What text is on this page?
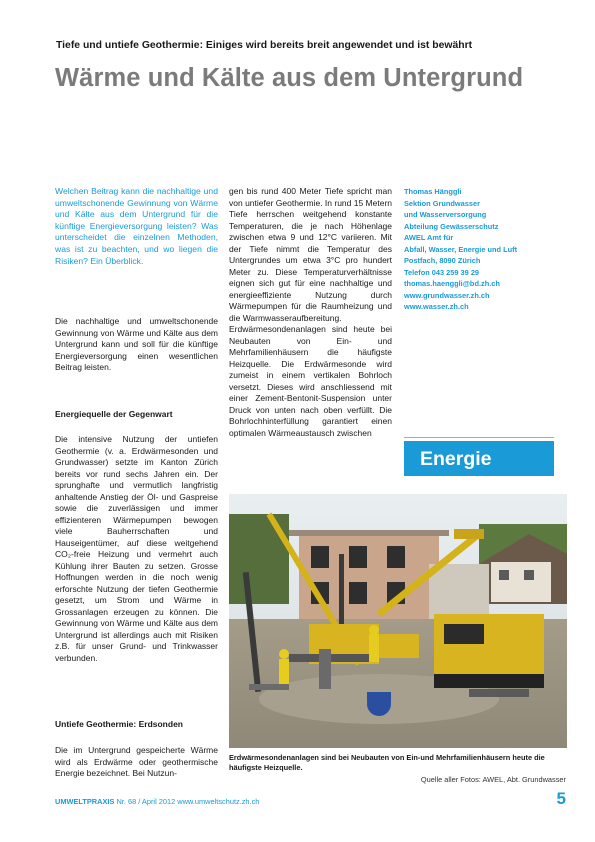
Tiefe und untiefe Geothermie: Einiges wird bereits breit angewendet und ist bewährt
Wärme und Kälte aus dem Untergrund
Welchen Beitrag kann die nachhaltige und umweltschonende Gewinnung von Wärme und Kälte aus dem Untergrund für die künftige Energieversorgung leisten? Was unterscheidet die einzelnen Methoden, was ist zu beachten, und wo liegen die Risiken? Ein Überblick.
Die nachhaltige und umweltschonende Gewinnung von Wärme und Kälte aus dem Untergrund kann und soll für die künftige Energieversorgung einen wesentlichen Beitrag leisten.
Energiequelle der Gegenwart
Die intensive Nutzung der untiefen Geothermie (v. a. Erdwärmesonden und Grundwasser) setzte im Kanton Zürich bereits vor rund sechs Jahren ein. Der sprunghafte und vermutlich langfristig anhaltende Anstieg der Öl- und Gaspreise sowie die zuverlässigen und immer effizienteren Wärmepumpen bewogen viele Bauherrschaften und Hauseigentümer, auf diese weitgehend CO₂-freie Heizung und vermehrt auch Kühlung ihrer Bauten zu setzen. Grosse Hoffnungen werden in die noch wenig erforschte Nutzung der tiefen Geothermie gesetzt, um Strom und Wärme in Grossanlagen erzeugen zu können. Die Gewinnung von Wärme und Kälte aus dem Untergrund ist allerdings auch mit Risiken z.B. für unser Grund- und Trinkwasser verbunden.
Untiefe Geothermie: Erdsonden
Die im Untergrund gespeicherte Wärme wird als Erdwärme oder geothermische Energie bezeichnet. Bei Nutzun-

gen bis rund 400 Meter Tiefe spricht man von untiefer Geothermie. In rund 15 Metern Tiefe herrschen weitgehend konstante Temperaturen, die je nach Höhenlage zwischen etwa 9 und 12°C variieren. Mit der Tiefe nimmt die Temperatur des Untergrundes um etwa 3°C pro hundert Meter zu. Diese Temperaturverhältnisse eignen sich gut für eine nachhaltige und energieeffiziente Nutzung durch Wärmepumpen für die Raumheizung und die Warmwasseraufbereitung.

Erdwärmesondenanlagen sind heute bei Neubauten von Ein- und Mehrfamilienhäusern die häufigste Heizquelle. Die Erdwärmesonde wird zumeist in einem vertikalen Bohrloch versetzt. Dieses wird anschliessend mit einer Zement-Bentonit-Suspension unter Druck von unten nach oben verfüllt. Die Bohrlochhinterfüllung garantiert einen optimalen Wärmeaustausch zwischen

Thomas Hänggli
Sektion Grundwasser
und Wasserversorgung
Abteilung Gewässerschutz
AWEL Amt für
Abfall, Wasser, Energie und Luft
Postfach, 8090 Zürich
Telefon 043 259 39 29
thomas.haenggli@bd.zh.ch
www.grundwasser.zh.ch
www.wasser.zh.ch
Energie
Erdwärmesondenanlagen sind bei Neubauten von Ein-und Mehrfamilienhäusern heute die häufigste Heizquelle.
Quelle aller Fotos: AWEL, Abt. Grundwasser
UMWELTPRAXIS Nr. 68 / April 2012 www.umweltschutz.zh.ch	5
